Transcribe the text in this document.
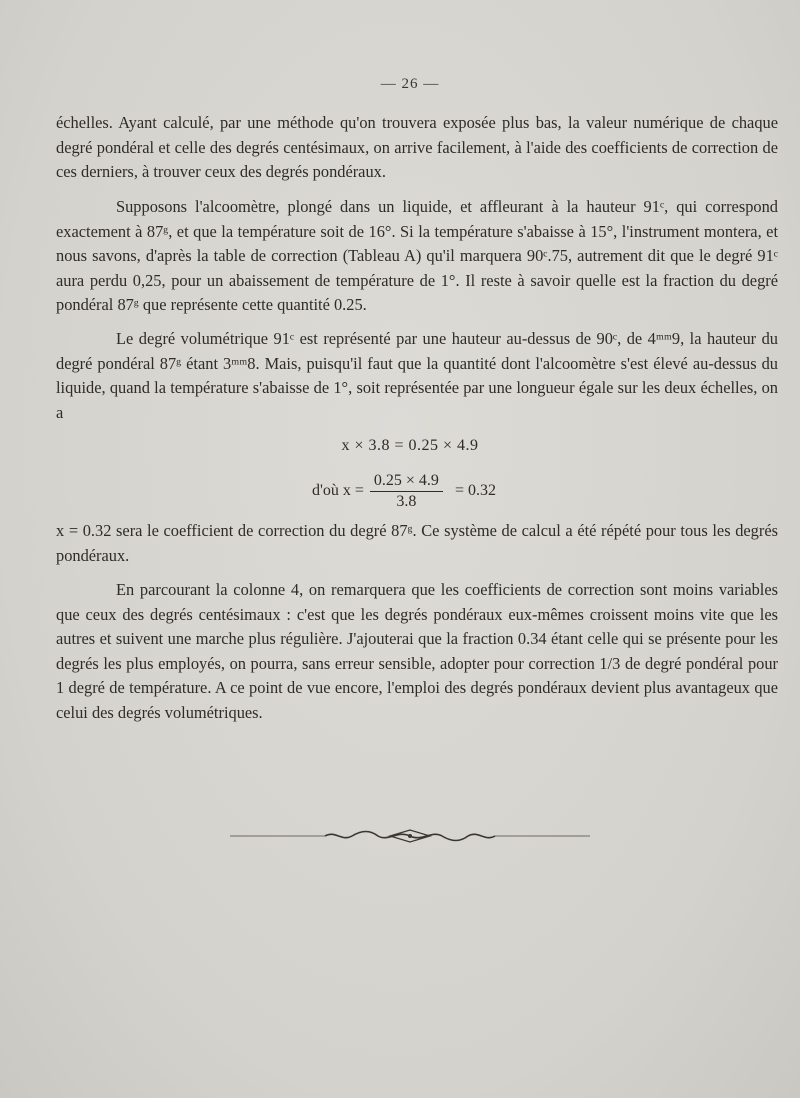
— 26 —

échelles. Ayant calculé, par une méthode qu'on trouvera exposée plus bas, la valeur numérique de chaque degré pondéral et celle des degrés centésimaux, on arrive facilement, à l'aide des coefficients de correction de ces derniers, à trouver ceux des degrés pondéraux.

Supposons l'alcoomètre, plongé dans un liquide, et affleurant à la hauteur 91ᶜ, qui correspond exactement à 87ᵍ, et que la température soit de 16°. Si la température s'abaisse à 15°, l'instrument montera, et nous savons, d'après la table de correction (Tableau A) qu'il marquera 90ᶜ.75, autrement dit que le degré 91ᶜ aura perdu 0,25, pour un abaissement de température de 1°. Il reste à savoir quelle est la fraction du degré pondéral 87ᵍ que représente cette quantité 0.25.

Le degré volumétrique 91ᶜ est représenté par une hauteur au-dessus de 90ᶜ, de 4ᵐᵐ9, la hauteur du degré pondéral 87ᵍ étant 3ᵐᵐ8. Mais, puisqu'il faut que la quantité dont l'alcoomètre s'est élevé au-dessus du liquide, quand la température s'abaisse de 1°, soit représentée par une longueur égale sur les deux échelles, on a

x × 3.8 = 0.25 × 4.9
d'où $x = \frac{0.25 \times 4.9}{3.8} = 0.32$

x = 0.32 sera le coefficient de correction du degré 87ᵍ. Ce système de calcul a été répété pour tous les degrés pondéraux.

En parcourant la colonne 4, on remarquera que les coefficients de correction sont moins variables que ceux des degrés centésimaux : c'est que les degrés pondéraux eux-mêmes croissent moins vite que les autres et suivent une marche plus régulière. J'ajouterai que la fraction 0.34 étant celle qui se présente pour les degrés les plus employés, on pourra, sans erreur sensible, adopter pour correction 1/3 de degré pondéral pour 1 degré de température. A ce point de vue encore, l'emploi des degrés pondéraux devient plus avantageux que celui des degrés volumétriques.
